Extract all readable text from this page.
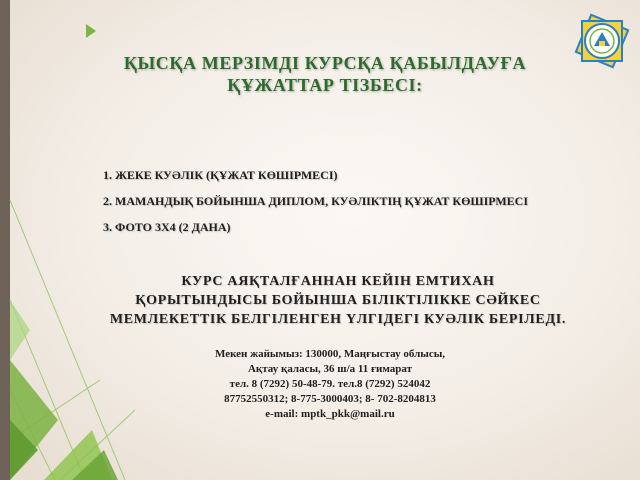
ҚЫСҚА МЕРЗІМДІ КУРСҚА ҚАБЫЛДАУҒА
ҚҰЖАТТАР ТІЗБЕСІ:
1. ЖЕКЕ КУӘЛІК (ҚҰЖАТ КӨШІРМЕСІ)
2. МАМАНДЫҚ БОЙЫНША ДИПЛОМ, КУӘЛІКТІҢ ҚҰЖАТ КӨШІРМЕСІ
3. ФОТО 3Х4 (2 ДАНА)
КУРС АЯҚТАЛҒАННАН КЕЙІН ЕМТИХАН
ҚОРЫТЫНДЫСЫ БОЙЫНША БІЛІКТІЛІККЕ СӘЙКЕС
МЕМЛЕКЕТТІК БЕЛГІЛЕНГЕН ҮЛГІДЕГІ КУӘЛІК БЕРІЛЕДІ.
Мекен жайымыз: 130000, Маңғыстау облысы,
Ақтау қаласы, 36 ш/а 11 ғимарат
тел. 8 (7292) 50-48-79. тел.8 (7292) 524042
87752550312; 8-775-3000403; 8- 702-8204813
e-mail: mptk_pkk@mail.ru
